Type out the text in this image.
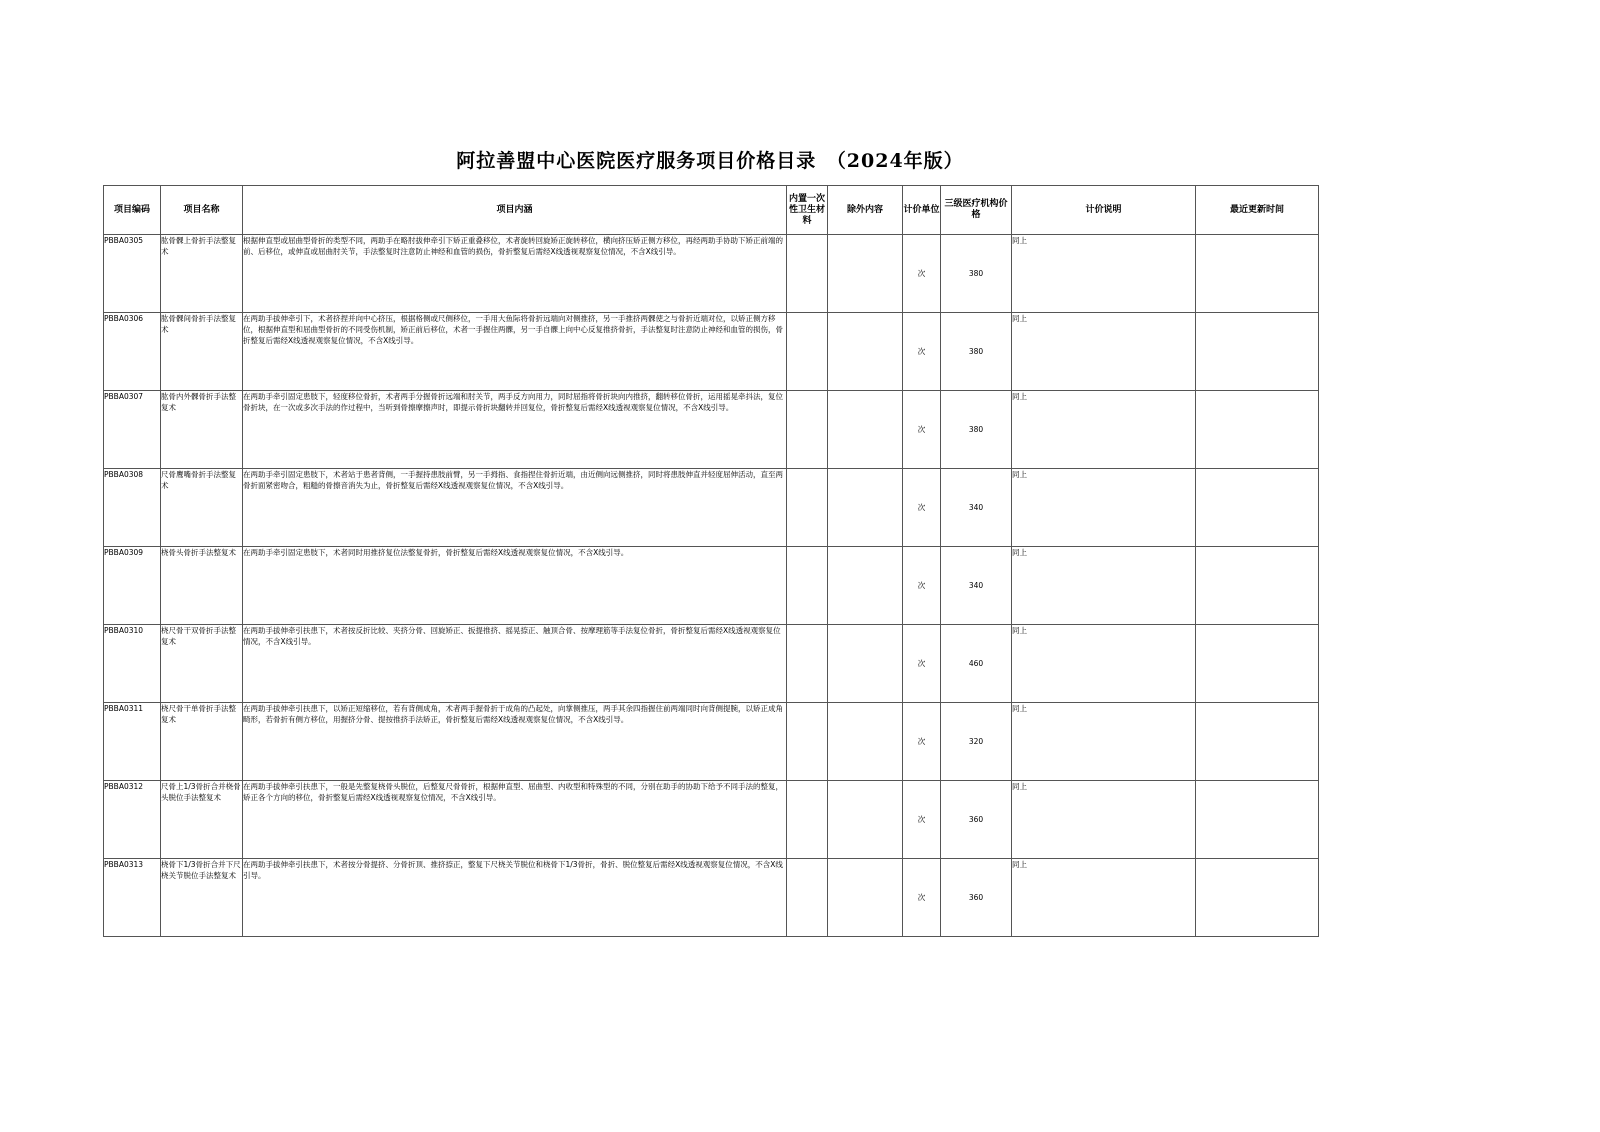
阿拉善盟中心医院医疗服务项目价格目录　（2024年版）
项目编码	项目名称	项目内涵	内置一次性卫生材料	除外内容	计价单位	三级医疗机构价格	计价说明	最近更新时间
PBBA0305	肱骨髁上骨折手法整复术	根据伸直型或屈曲型骨折的类型不同，两助手在略肘拔伸牵引下矫正重叠移位，术者旋转回旋矫正旋转移位，横向挤压矫正侧方移位，再经两助手协助下矫正前端的前、后移位，或伸直或屈曲肘关节，手法整复时注意防止神经和血管的损伤，骨折整复后需经X线透视观察复位情况，不含X线引导。			次	380	同上	
PBBA0306	肱骨髁间骨折手法整复术	在两助手拔伸牵引下，术者挤捏并向中心挤压，根据格侧或尺侧移位，一手用大鱼际将骨折远端向对侧推挤，另一手推挤两髁使之与骨折近端对位，以矫正侧方移位，根据伸直型和屈曲型骨折的不同受伤机制，矫正前后移位，术者一手握住两髁，另一手自髁上向中心反复推挤骨折，手法整复时注意防止神经和血管的损伤，骨折整复后需经X线透视观察复位情况，不含X线引导。			次	380	同上	
PBBA0307	肱骨内外髁骨折手法整复术	在两助手牵引固定患肢下，轻度移位骨折，术者两手分握骨折远端和肘关节，两手反方向用力，同时屈指将骨折块向内推挤，翻转移位骨折，运用摇晃牵抖法，复位骨折块，在一次或多次手法的作过程中，当听到骨擦摩擦声时，即提示骨折块翻转并回复位，骨折整复后需经X线透视观察复位情况，不含X线引导。			次	380	同上	
PBBA0308	尺骨鹰嘴骨折手法整复术	在两助手牵引固定患肢下，术者站于患者背侧，一手握持患肢前臂，另一手拇指、食指捏住骨折近端，由近侧向远侧推挤，同时将患肢伸直并轻度屈伸活动，直至两骨折面紧密吻合，粗糙的骨擦音消失为止，骨折整复后需经X线透视观察复位情况，不含X线引导。			次	340	同上	
PBBA0309	桡骨头骨折手法整复术	在两助手牵引固定患肢下，术者同时用推挤复位法整复骨折，骨折整复后需经X线透视观察复位情况，不含X线引导。			次	340	同上	
PBBA0310	桡尺骨干双骨折手法整复术	在两助手拔伸牵引扶患下，术者按反折比较、夹挤分骨、回旋矫正、扳提推挤、摇晃捺正、触顶合骨、按摩理筋等手法复位骨折，骨折整复后需经X线透视观察复位情况，不含X线引导。			次	460	同上	
PBBA0311	桡尺骨干单骨折手法整复术	在两助手拔伸牵引扶患下，以矫正短缩移位，若有背侧成角，术者两手握骨折于成角的凸起处，向掌侧推压，两手其余四指握住前两端同时向背侧提腕，以矫正成角畸形，若骨折有侧方移位，用握挤分骨、提按推挤手法矫正，骨折整复后需经X线透视观察复位情况，不含X线引导。			次	320	同上	
PBBA0312	尺骨上1/3骨折合并桡骨头脱位手法整复术	在两助手拔伸牵引扶患下，一般是先整复桡骨头脱位，后整复尺骨骨折，根据伸直型、屈曲型、内收型和特殊型的不同，分别在助手的协助下给予不同手法的整复，矫正各个方向的移位，骨折整复后需经X线透视观察复位情况，不含X线引导。			次	360	同上	
PBBA0313	桡骨下1/3骨折合并下尺桡关节脱位手法整复术	在两助手拔伸牵引扶患下，术者按分骨提挤、分骨折顶、推挤捺正，整复下尺桡关节脱位和桡骨下1/3骨折，骨折、脱位整复后需经X线透视观察复位情况，不含X线引导。			次	360	同上	
